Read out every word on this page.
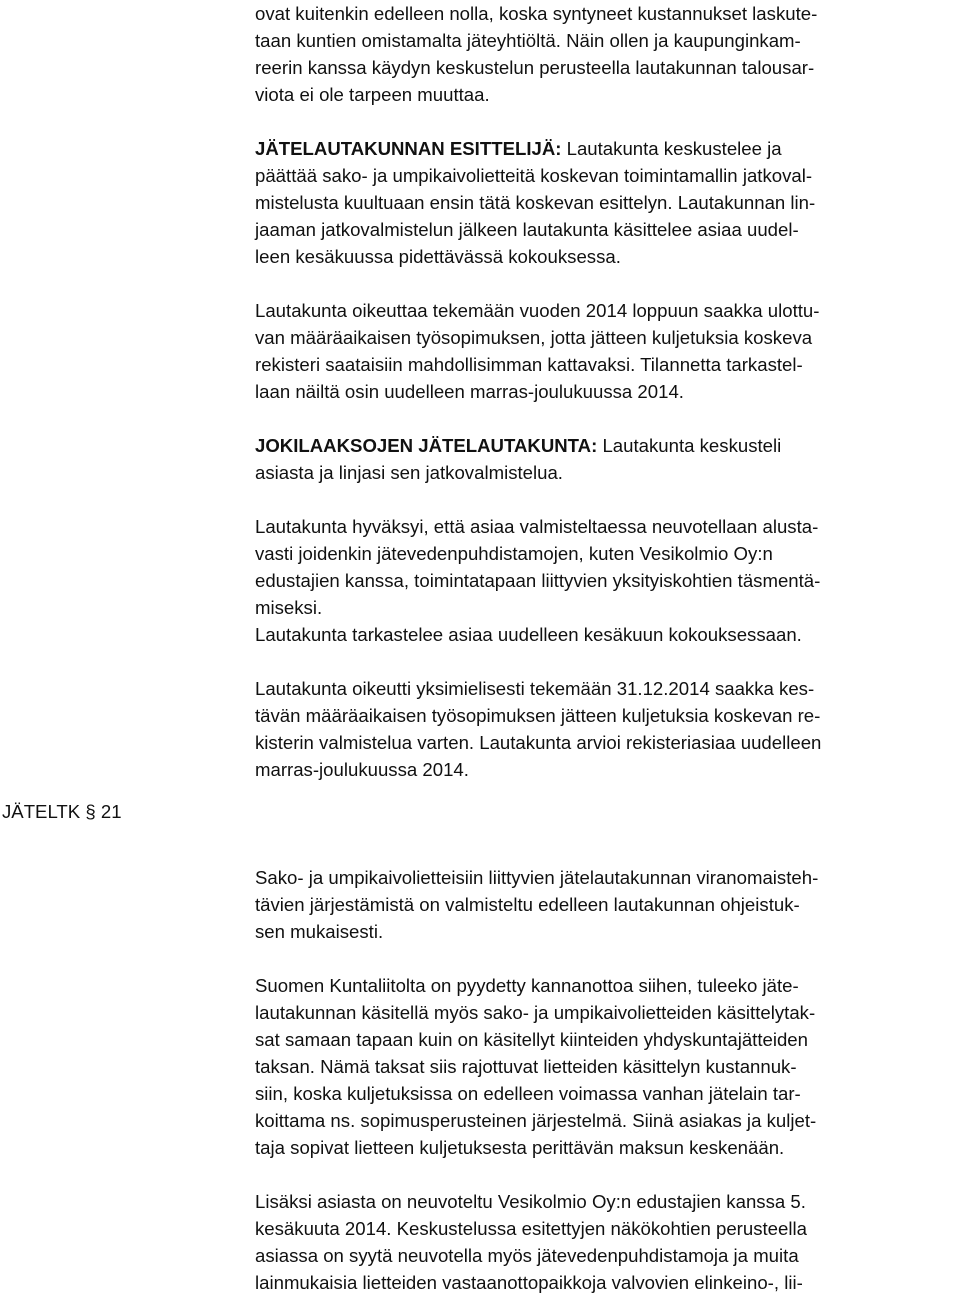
JÄTELTK § 21
ovat kuitenkin edelleen nolla, koska syntyneet kustannukset laskute-
taan kuntien omistamalta jäteyhtiöltä. Näin ollen ja kaupunginkam-
reerin kanssa käydyn keskustelun perusteella lautakunnan talousar-
viota ei ole tarpeen muuttaa.
JÄTELAUTAKUNNAN ESITTELIJÄ: Lautakunta keskustelee ja
päättää sako- ja umpikaivolietteitä koskevan toimintamallin jatkoval-
mistelusta kuultuaan ensin tätä koskevan esittelyn. Lautakunnan lin-
jaaman jatkovalmistelun jälkeen lautakunta käsittelee asiaa uudel-
leen kesäkuussa pidettävässä kokouksessa.
Lautakunta oikeuttaa tekemään vuoden 2014 loppuun saakka ulottu-
van määräaikaisen työsopimuksen, jotta jätteen kuljetuksia koskeva
rekisteri saataisiin mahdollisimman kattavaksi. Tilannetta tarkastel-
laan näiltä osin uudelleen marras-joulukuussa 2014.
JOKILAAKSOJEN JÄTELAUTAKUNTA: Lautakunta keskusteli
asiasta ja linjasi sen jatkovalmistelua.
Lautakunta hyväksyi, että asiaa valmisteltaessa neuvotellaan alusta-
vasti joidenkin jätevedenpuhdistamojen, kuten Vesikolmio Oy:n
edustajien kanssa, toimintatapaan liittyvien yksityiskohtien täsmentä-
miseksi.
Lautakunta tarkastelee asiaa uudelleen kesäkuun kokouksessaan.
Lautakunta oikeutti yksimielisesti tekemään 31.12.2014 saakka kes-
tävän määräaikaisen työsopimuksen jätteen kuljetuksia koskevan re-
kisterin valmistelua varten. Lautakunta arvioi rekisteriasiaa uudelleen
marras-joulukuussa 2014.
Sako- ja umpikaivolietteisiin liittyvien jätelautakunnan viranomaisteh-
tävien järjestämistä on valmisteltu edelleen lautakunnan ohjeistuk-
sen mukaisesti.
Suomen Kuntaliitolta on pyydetty kannanottoa siihen, tuleeko jäte-
lautakunnan käsitellä myös sako- ja umpikaivolietteiden käsittelytak-
sat samaan tapaan kuin on käsitellyt kiinteiden yhdyskuntajätteiden
taksan. Nämä taksat siis rajottuvat lietteiden käsittelyn kustannuk-
siin, koska kuljetuksissa on edelleen voimassa vanhan jätelain tar-
koittama ns. sopimusperusteinen järjestelmä. Siinä asiakas ja kuljet-
taja sopivat lietteen kuljetuksesta perittävän maksun keskenään.
Lisäksi asiasta on neuvoteltu Vesikolmio Oy:n edustajien kanssa 5.
kesäkuuta 2014. Keskustelussa esitettyjen näkökohtien perusteella
asiassa on syytä neuvotella myös jätevedenpuhdistamoja ja muita
lainmukaisia lietteiden vastaanottopaikkoja valvovien elinkeino-, lii-
